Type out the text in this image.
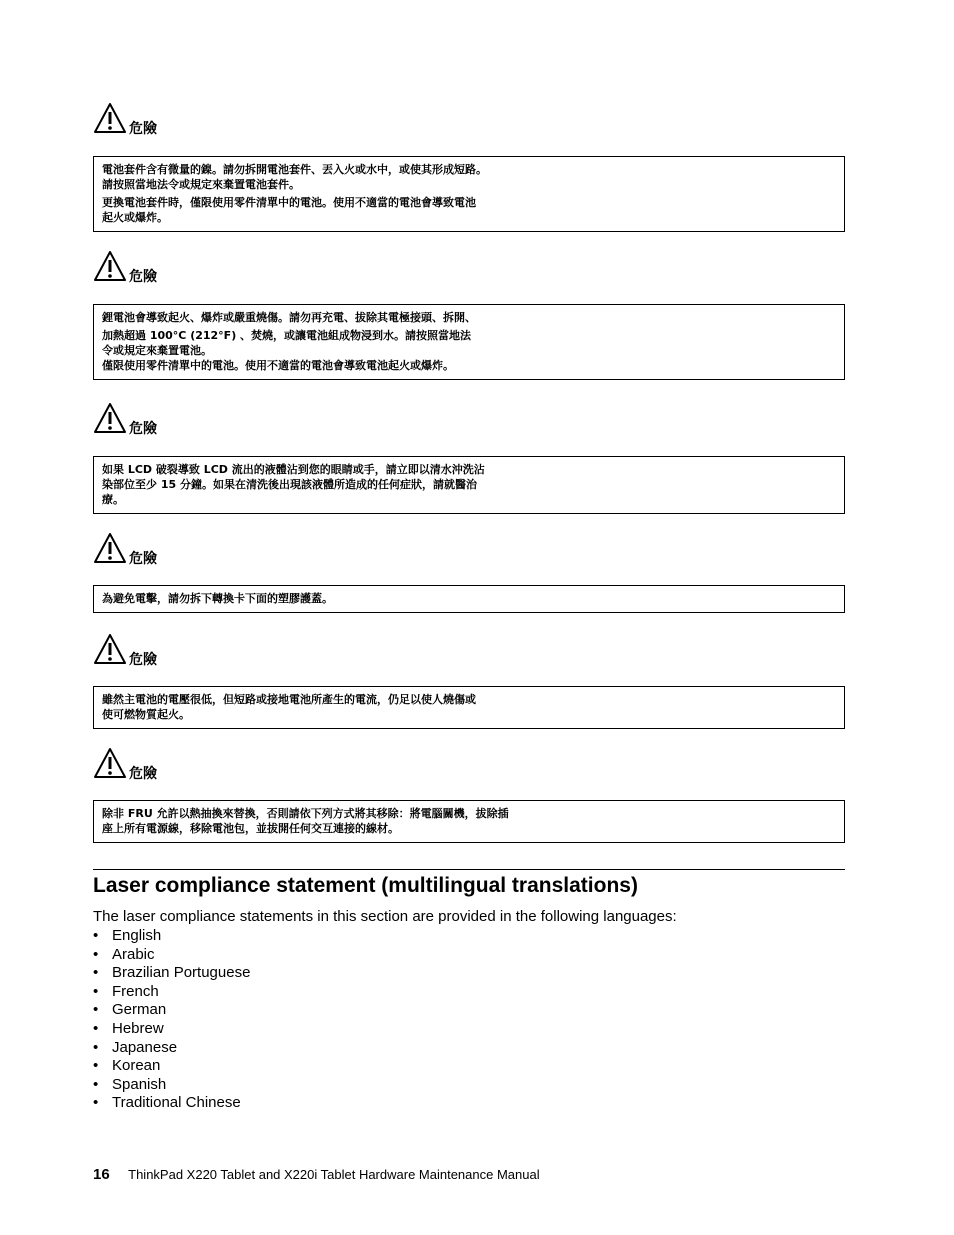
危險

電池套件含有微量的鎳。請勿拆開電池套件、丟入火或水中，或使其形成短路。
請按照當地法令或規定來棄置電池套件。

更換電池套件時，僅限使用零件清單中的電池。使用不適當的電池會導致電池
起火或爆炸。

危險

鋰電池會導致起火、爆炸或嚴重燒傷。請勿再充電、拔除其電極接頭、拆開、

加熱超過 100°C (212°F) 、焚燒，或讓電池組成物浸到水。請按照當地法
令或規定來棄置電池。
僅限使用零件清單中的電池。使用不適當的電池會導致電池起火或爆炸。

危險

如果 LCD 破裂導致 LCD 流出的液體沾到您的眼睛或手，請立即以清水沖洗沾
染部位至少 15 分鐘。如果在清洗後出現該液體所造成的任何症狀，請就醫治
療。

危險

為避免電擊，請勿拆下轉換卡下面的塑膠護蓋。

危險

雖然主電池的電壓很低，但短路或接地電池所產生的電流，仍足以使人燒傷或
使可燃物質起火。

危險

除非 FRU 允許以熱抽換來替換，否則請依下列方式將其移除：將電腦關機，拔除插
座上所有電源線，移除電池包，並拔開任何交互連接的線材。

Laser compliance statement (multilingual translations)

The laser compliance statements in this section are provided in the following languages:

• English
• Arabic
• Brazilian Portuguese
• French
• German
• Hebrew
• Japanese
• Korean
• Spanish
• Traditional Chinese
16 ThinkPad X220 Tablet and X220i Tablet Hardware Maintenance Manual
